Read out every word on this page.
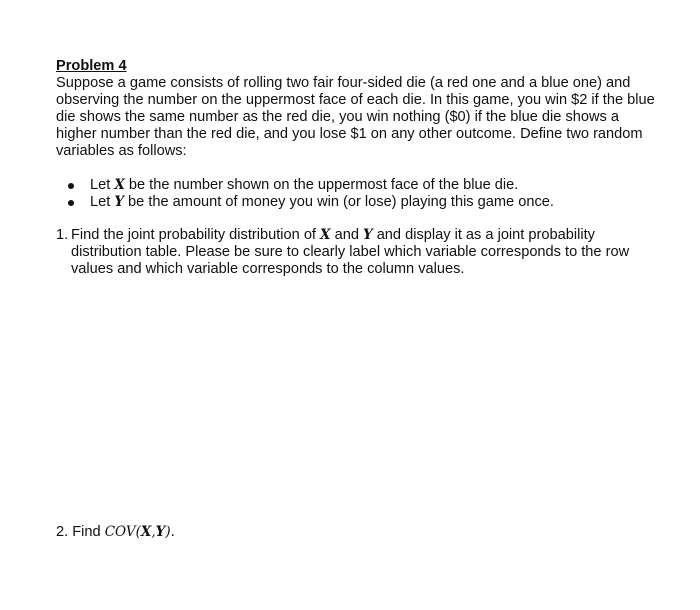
Problem 4

Suppose a game consists of rolling two fair four-sided die (a red one and a blue one) and observing the number on the uppermost face of each die. In this game, you win $2 if the blue die shows the same number as the red die, you win nothing ($0) if the blue die shows a higher number than the red die, and you lose $1 on any other outcome. Define two random variables as follows:

Let X be the number shown on the uppermost face of the blue die.
Let Y be the amount of money you win (or lose) playing this game once.
1. Find the joint probability distribution of X and Y and display it as a joint probability distribution table. Please be sure to clearly label which variable corresponds to the row values and which variable corresponds to the column values.
2. Find COV(X,Y).
